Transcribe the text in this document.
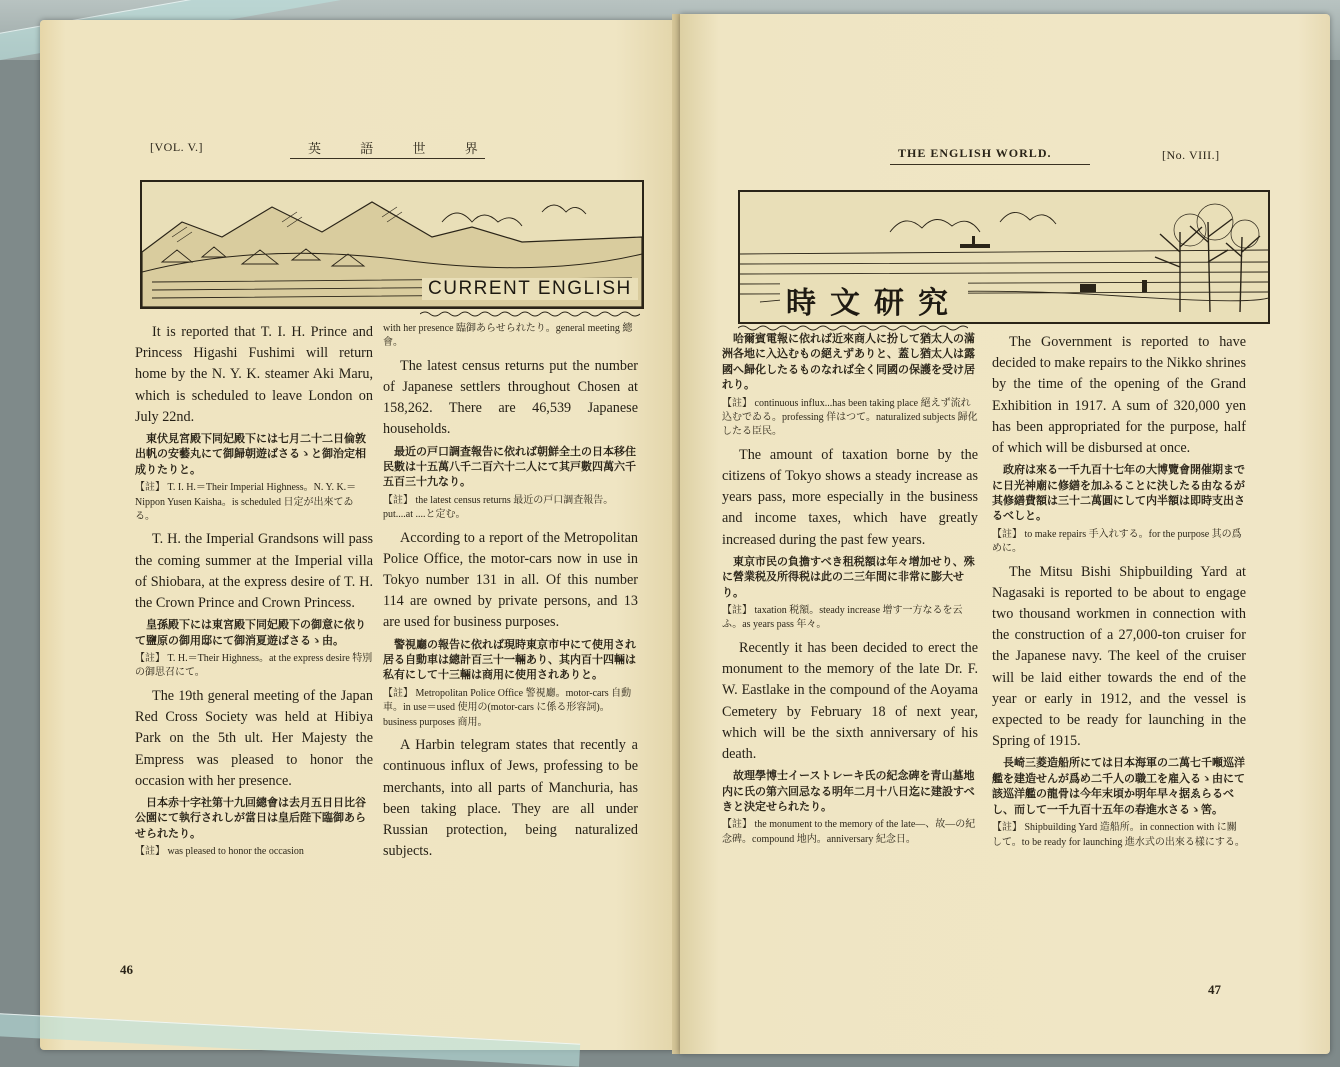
[VOL. V.]	英 語 世 界
CURRENT ENGLISH

It is reported that T. I. H. Prince and Princess Higashi Fushimi will return home by the N. Y. K. steamer Aki Maru, which is scheduled to leave London on July 22nd.

東伏見宮殿下同妃殿下には七月二十二日倫敦出帆の安藝丸にて御歸朝遊ばさるゝと御治定相成りたりと。

【註】 T. I. H.＝Their Imperial Highness。N. Y. K.＝Nippon Yusen Kaisha。is scheduled 日定が出來てゐる。

T. H. the Imperial Grandsons will pass the coming summer at the Imperial villa of Shiobara, at the express desire of T. H. the Crown Prince and Crown Princess.

皇孫殿下には東宮殿下同妃殿下の御意に依りて鹽原の御用邸にて御消夏遊ばさるゝ由。

【註】 T. H.＝Their Highness。at the express desire 特別の御思召にて。

The 19th general meeting of the Japan Red Cross Society was held at Hibiya Park on the 5th ult. Her Majesty the Empress was pleased to honor the occasion with her presence.

日本赤十字社第十九回總會は去月五日日比谷公園にて執行されしが當日は皇后陛下臨御あらせられたり。

【註】 was pleased to honor the occasion

with her presence 臨御あらせられたり。general meeting 總會。

The latest census returns put the number of Japanese settlers throughout Chosen at 158,262. There are 46,539 Japanese households.

最近の戸口調査報告に依れば朝鮮全土の日本移住民數は十五萬八千二百六十二人にて其戸數四萬六千五百三十九なり。

【註】 the latest census returns 最近の戸口調査報告。put....at ....と定む。

According to a report of the Metropolitan Police Office, the motor-cars now in use in Tokyo number 131 in all. Of this number 114 are owned by private persons, and 13 are used for business purposes.

警視廳の報告に依れば現時東京市中にて使用され居る自動車は總計百三十一輛あり、其内百十四輛は私有にして十三輛は商用に使用されありと。

【註】 Metropolitan Police Office 警視廳。motor-cars 自動車。in use＝used 使用の(motor-cars に係る形容詞)。business purposes 商用。

A Harbin telegram states that recently a continuous influx of Jews, professing to be merchants, into all parts of Manchuria, has been taking place. They are all under Russian protection, being naturalized subjects.

46
THE ENGLISH WORLD.	[No. VIII.]
時文研究

哈爾賓電報に依れば近來商人に扮して猶太人の滿洲各地に入込むもの絕えずありと、蓋し猶太人は露國へ歸化したるものなれば全く同國の保護を受け居れり。

【註】 continuous influx...has been taking place 絕えず流れ込むでゐる。professing 佯はつて。naturalized subjects 歸化したる臣民。

The amount of taxation borne by the citizens of Tokyo shows a steady increase as years pass, more especially in the business and income taxes, which have greatly increased during the past few years.

東京市民の負擔すべき租税額は年々增加せり、殊に營業税及所得税は此の二三年間に非常に膨大せり。

【註】 taxation 税額。steady increase 增す一方なるを云ふ。as years pass 年々。

Recently it has been decided to erect the monument to the memory of the late Dr. F. W. Eastlake in the compound of the Aoyama Cemetery by February 18 of next year, which will be the sixth anniversary of his death.

故理學博士イーストレーキ氏の紀念碑を青山墓地内に氏の第六回忌なる明年二月十八日迄に建設すべきと決定せられたり。

【註】 the monument to the memory of the late―、故―の紀念碑。compound 地内。anniversary 紀念日。

The Government is reported to have decided to make repairs to the Nikko shrines by the time of the opening of the Grand Exhibition in 1917. A sum of 320,000 yen has been appropriated for the purpose, half of which will be disbursed at once.

政府は來る一千九百十七年の大博覽會開催期までに日光神廟に修繕を加ふることに決したる由なるが其修繕費額は三十二萬圓にして内半額は即時支出さるべしと。

【註】 to make repairs 手入れする。for the purpose 其の爲めに。

The Mitsu Bishi Shipbuilding Yard at Nagasaki is reported to be about to engage two thousand workmen in connection with the construction of a 27,000-ton cruiser for the Japanese navy. The keel of the cruiser will be laid either towards the end of the year or early in 1912, and the vessel is expected to be ready for launching in the Spring of 1915.

長崎三菱造船所にては日本海軍の二萬七千噸巡洋艦を建造せんが爲め二千人の職工を雇入るゝ由にて該巡洋艦の龍骨は今年末頃か明年早々据ゑらるべし、而して一千九百十五年の春進水さるゝ筈。

【註】 Shipbuilding Yard 造船所。in connection with に關して。to be ready for launching 進水式の出來る樣にする。

47
